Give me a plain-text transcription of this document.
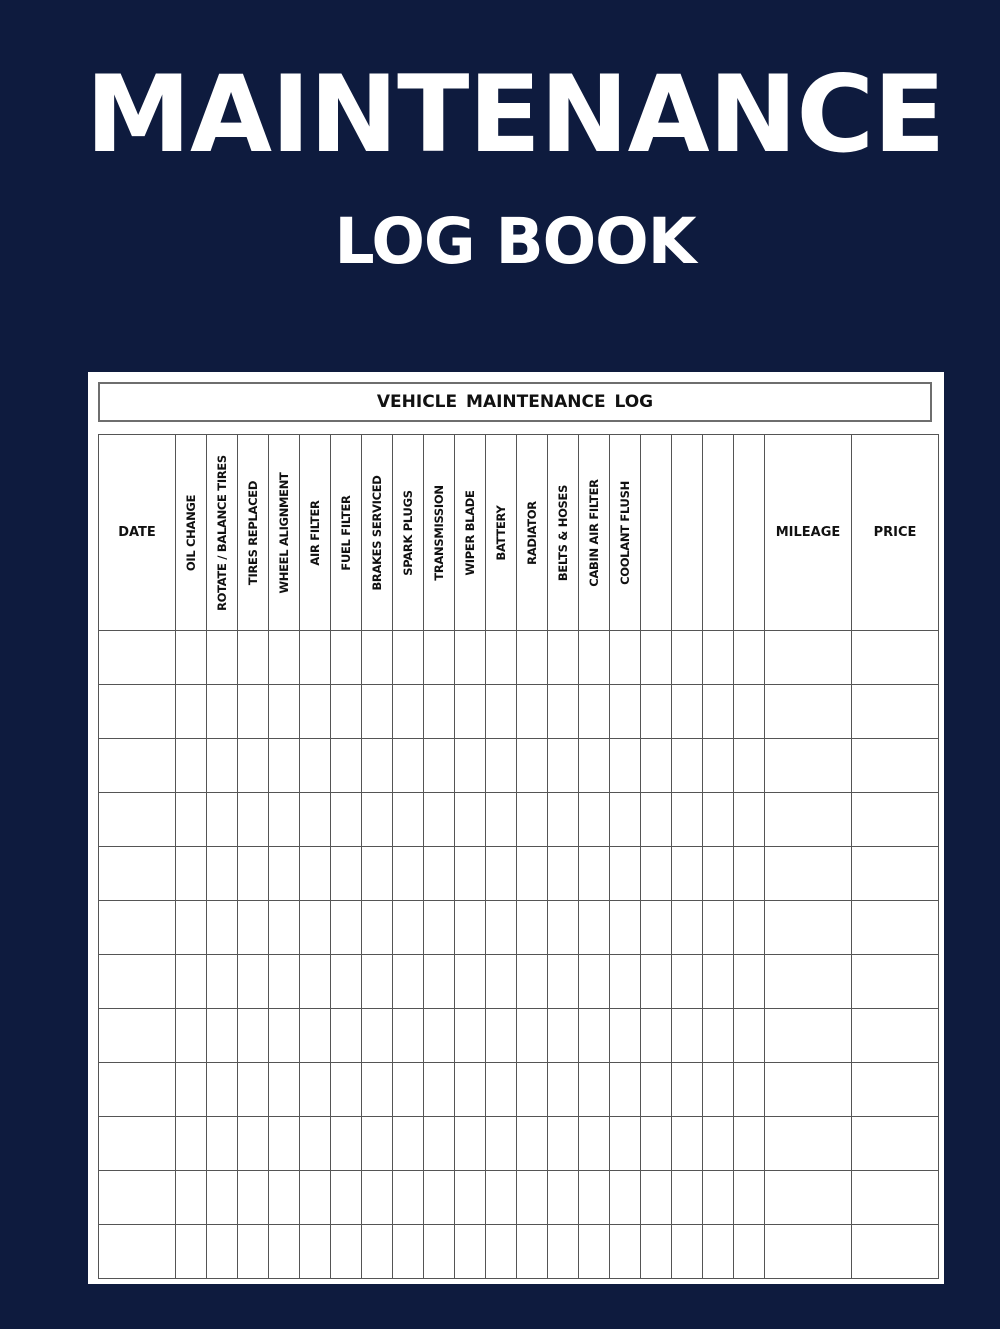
MAINTENANCE
LOG BOOK
VEHICLE MAINTENANCE LOG
DATE	OIL CHANGE	ROTATE / BALANCE TIRES	TIRES REPLACED	WHEEL ALIGNMENT	AIR FILTER	FUEL FILTER	BRAKES SERVICED	SPARK PLUGS	TRANSMISSION	WIPER BLADE	BATTERY	RADIATOR	BELTS & HOSES	CABIN AIR FILTER	COOLANT FLUSH					MILEAGE	PRICE
